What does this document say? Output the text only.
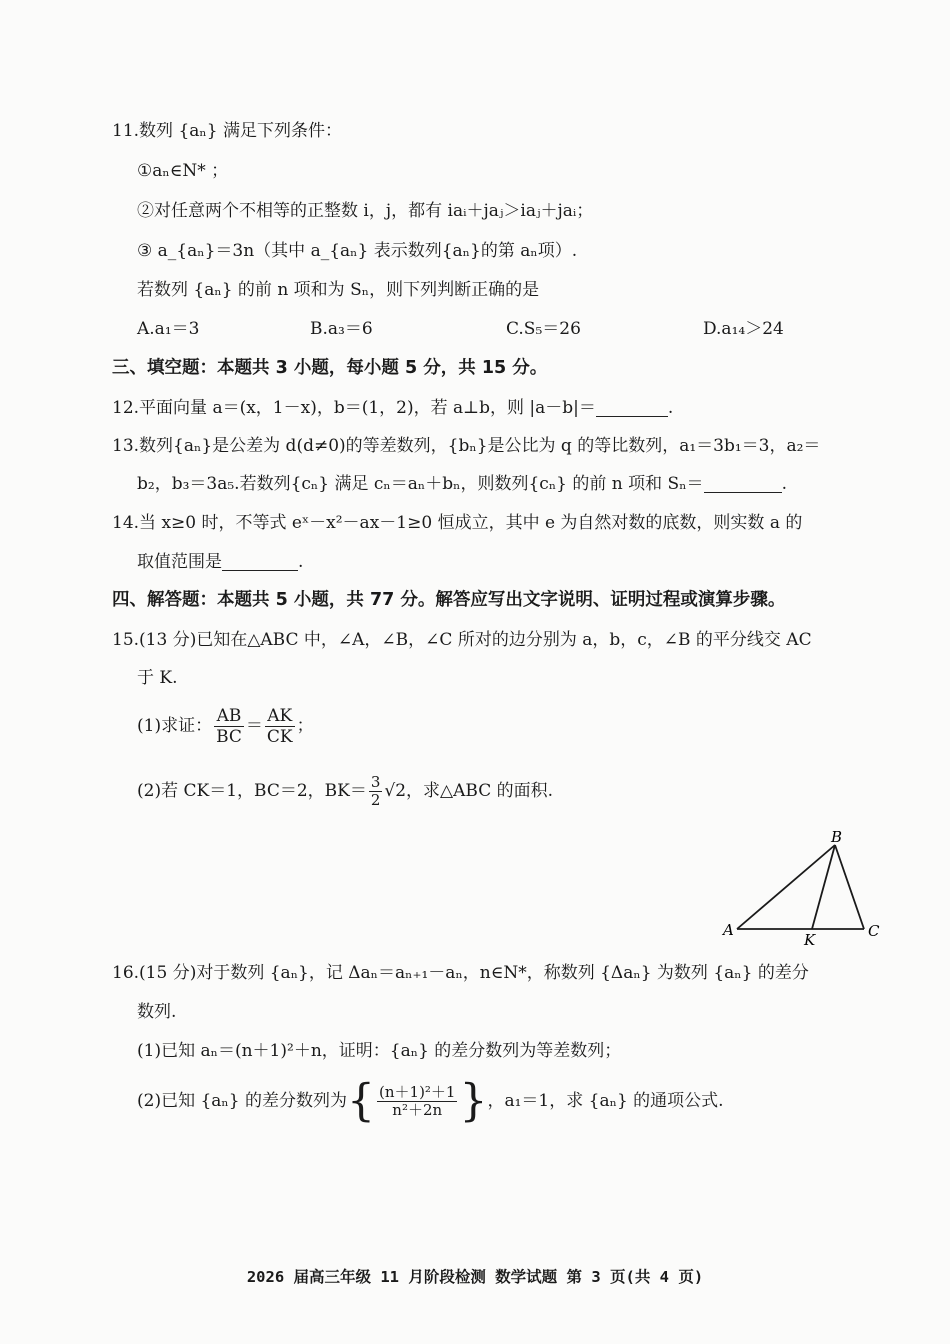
11.数列 {aₙ} 满足下列条件：
①aₙ∈N* ；
②对任意两个不相等的正整数 i，j，都有 iaᵢ＋jaⱼ＞iaⱼ＋jaᵢ；
③ a_{aₙ}＝3n（其中 a_{aₙ} 表示数列{aₙ}的第 aₙ项）.
若数列 {aₙ} 的前 n 项和为 Sₙ，则下列判断正确的是
A.a₁＝3	B.a₃＝6	C.S₅＝26	D.a₁₄＞24
三、填空题：本题共 3 小题，每小题 5 分，共 15 分。
12.平面向量 a＝(x，1－x)，b＝(1，2)，若 a⊥b，则 |a－b|＝	.
13.数列{aₙ}是公差为 d(d≠0)的等差数列，{bₙ}是公比为 q 的等比数列，a₁＝3b₁＝3，a₂＝
b₂，b₃＝3a₅.若数列{cₙ} 满足 cₙ＝aₙ＋bₙ，则数列{cₙ} 的前 n 项和 Sₙ＝	.
14.当 x≥0 时，不等式 eˣ－x²－ax－1≥0 恒成立，其中 e 为自然对数的底数，则实数 a 的
取值范围是	.
四、解答题：本题共 5 小题，共 77 分。解答应写出文字说明、证明过程或演算步骤。
15.(13 分)已知在△ABC 中，∠A，∠B，∠C 所对的边分别为 a，b，c，∠B 的平分线交 AC
于 K.
(1)求证： $\frac{AB}{BC} = \frac{AK}{CK}$ ；
(2)若 CK＝1，BC＝2，$BK= \frac{3}{2} √2$，求△ABC 的面积.
B
A
K	C
16.(15 分)对于数列 {aₙ}，记 Δaₙ＝aₙ₊₁－aₙ，n∈N*，称数列 {Δaₙ} 为数列 {aₙ} 的差分
数列.
(1)已知 aₙ＝(n＋1)²＋n，证明：{aₙ} 的差分数列为等差数列；
(2)已知 {aₙ} 的差分数列为{ $\frac{\text{(n＋1)²＋1}}{\text{n²＋2n}}$ }，a₁＝1，求 {aₙ} 的通项公式.
2026 届高三年级 11 月阶段检测 数学试题 第 3 页(共 4 页)
